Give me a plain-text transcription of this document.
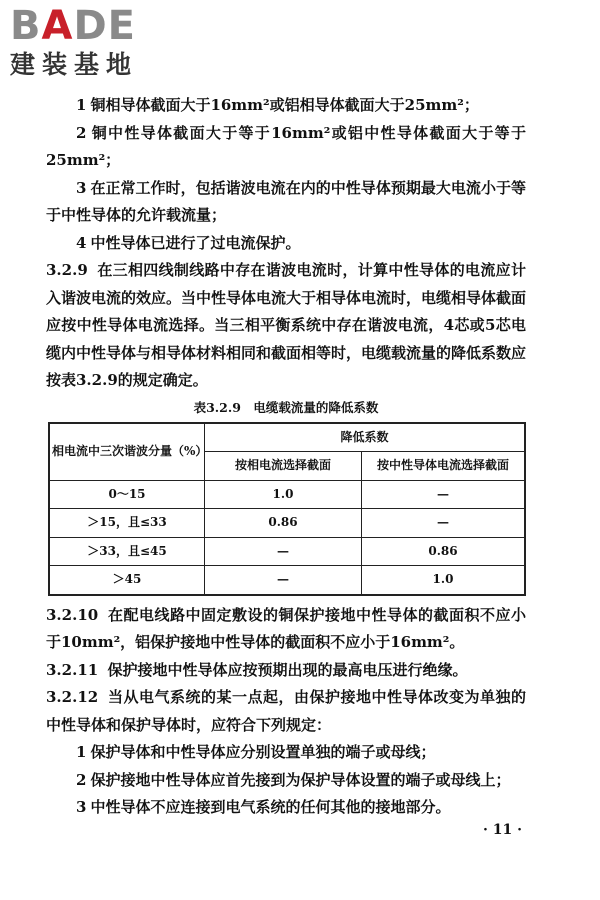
BADE
建装基地

1 铜相导体截面大于16mm²或铝相导体截面大于25mm²；

2 铜中性导体截面大于等于16mm²或铝中性导体截面大于等于25mm²；

3 在正常工作时，包括谐波电流在内的中性导体预期最大电流小于等于中性导体的允许载流量；

4 中性导体已进行了过电流保护。

3.2.9 在三相四线制线路中存在谐波电流时，计算中性导体的电流应计入谐波电流的效应。当中性导体电流大于相导体电流时，电缆相导体截面应按中性导体电流选择。当三相平衡系统中存在谐波电流，4芯或5芯电缆内中性导体与相导体材料相同和截面相等时，电缆载流量的降低系数应按表3.2.9的规定确定。

表3.2.9　电缆载流量的降低系数
相电流中三次谐波分量（%）	降低系数	
	按相电流选择截面	按中性导体电流选择截面
0～15	1.0	—
＞15，且≤33	0.86	—
＞33，且≤45	—	0.86
＞45	—	1.0

3.2.10 在配电线路中固定敷设的铜保护接地中性导体的截面积不应小于10mm²，铝保护接地中性导体的截面积不应小于16mm²。

3.2.11 保护接地中性导体应按预期出现的最高电压进行绝缘。

3.2.12 当从电气系统的某一点起，由保护接地中性导体改变为单独的中性导体和保护导体时，应符合下列规定：

1 保护导体和中性导体应分别设置单独的端子或母线；

2 保护接地中性导体应首先接到为保护导体设置的端子或母线上；

3 中性导体不应连接到电气系统的任何其他的接地部分。

· 11 ·
